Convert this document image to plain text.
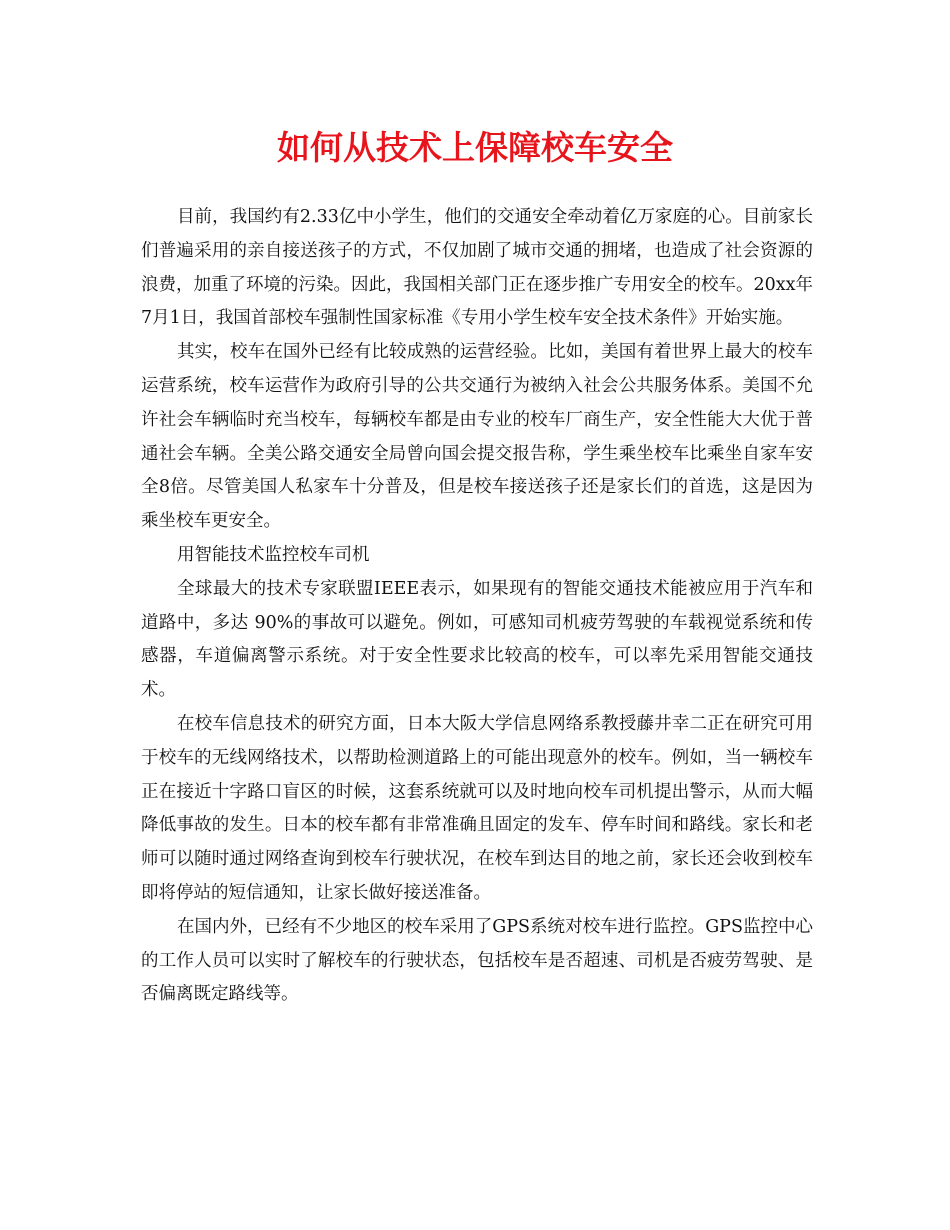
如何从技术上保障校车安全

目前，我国约有2.33亿中小学生，他们的交通安全牵动着亿万家庭的心。目前家长们普遍采用的亲自接送孩子的方式，不仅加剧了城市交通的拥堵，也造成了社会资源的浪费，加重了环境的污染。因此，我国相关部门正在逐步推广专用安全的校车。20xx年 7月1日，我国首部校车强制性国家标准《专用小学生校车安全技术条件》开始实施。

其实，校车在国外已经有比较成熟的运营经验。比如，美国有着世界上最大的校车运营系统，校车运营作为政府引导的公共交通行为被纳入社会公共服务体系。美国不允许社会车辆临时充当校车，每辆校车都是由专业的校车厂商生产，安全性能大大优于普通社会车辆。全美公路交通安全局曾向国会提交报告称，学生乘坐校车比乘坐自家车安全8倍。尽管美国人私家车十分普及，但是校车接送孩子还是家长们的首选，这是因为乘坐校车更安全。

用智能技术监控校车司机

全球最大的技术专家联盟IEEE表示，如果现有的智能交通技术能被应用于汽车和道路中，多达 90%的事故可以避免。例如，可感知司机疲劳驾驶的车载视觉系统和传感器，车道偏离警示系统。对于安全性要求比较高的校车，可以率先采用智能交通技术。

在校车信息技术的研究方面，日本大阪大学信息网络系教授藤井幸二正在研究可用于校车的无线网络技术，以帮助检测道路上的可能出现意外的校车。例如，当一辆校车正在接近十字路口盲区的时候，这套系统就可以及时地向校车司机提出警示，从而大幅降低事故的发生。日本的校车都有非常准确且固定的发车、停车时间和路线。家长和老师可以随时通过网络查询到校车行驶状况，在校车到达目的地之前，家长还会收到校车即将停站的短信通知，让家长做好接送准备。

在国内外，已经有不少地区的校车采用了GPS系统对校车进行监控。GPS监控中心的工作人员可以实时了解校车的行驶状态，包括校车是否超速、司机是否疲劳驾驶、是否偏离既定路线等。
